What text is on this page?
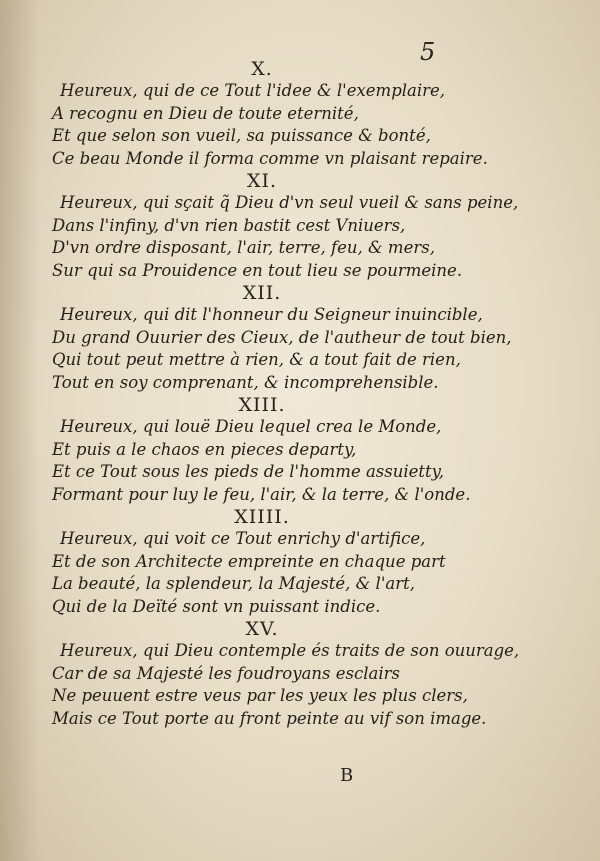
5

X.

Heureux, qui de ce Tout l'idee & l'exemplaire,

A recognu en Dieu de toute eternité,

Et que selon son vueil, sa puissance & bonté,

Ce beau Monde il forma comme vn plaisant repaire.

XI.

Heureux, qui sçait q̃ Dieu d'vn seul vueil & sans peine,

Dans l'infiny, d'vn rien bastit cest Vniuers,

D'vn ordre disposant, l'air, terre, feu, & mers,

Sur qui sa Prouidence en tout lieu se pourmeine.

XII.

Heureux, qui dit l'honneur du Seigneur inuincible,

Du grand Ouurier des Cieux, de l'autheur de tout bien,

Qui tout peut mettre à rien, & a tout fait de rien,

Tout en soy comprenant, & incomprehensible.

XIII.

Heureux, qui louë Dieu lequel crea le Monde,

Et puis a le chaos en pieces departy,

Et ce Tout sous les pieds de l'homme assuietty,

Formant pour luy le feu, l'air, & la terre, & l'onde.

XIIII.

Heureux, qui voit ce Tout enrichy d'artifice,

Et de son Architecte empreinte en chaque part

La beauté, la splendeur, la Majesté, & l'art,

Qui de la Deïté sont vn puissant indice.

XV.

Heureux, qui Dieu contemple és traits de son ouurage,

Car de sa Majesté les foudroyans esclairs

Ne peuuent estre veus par les yeux les plus clers,

Mais ce Tout porte au front peinte au vif son image.

B
